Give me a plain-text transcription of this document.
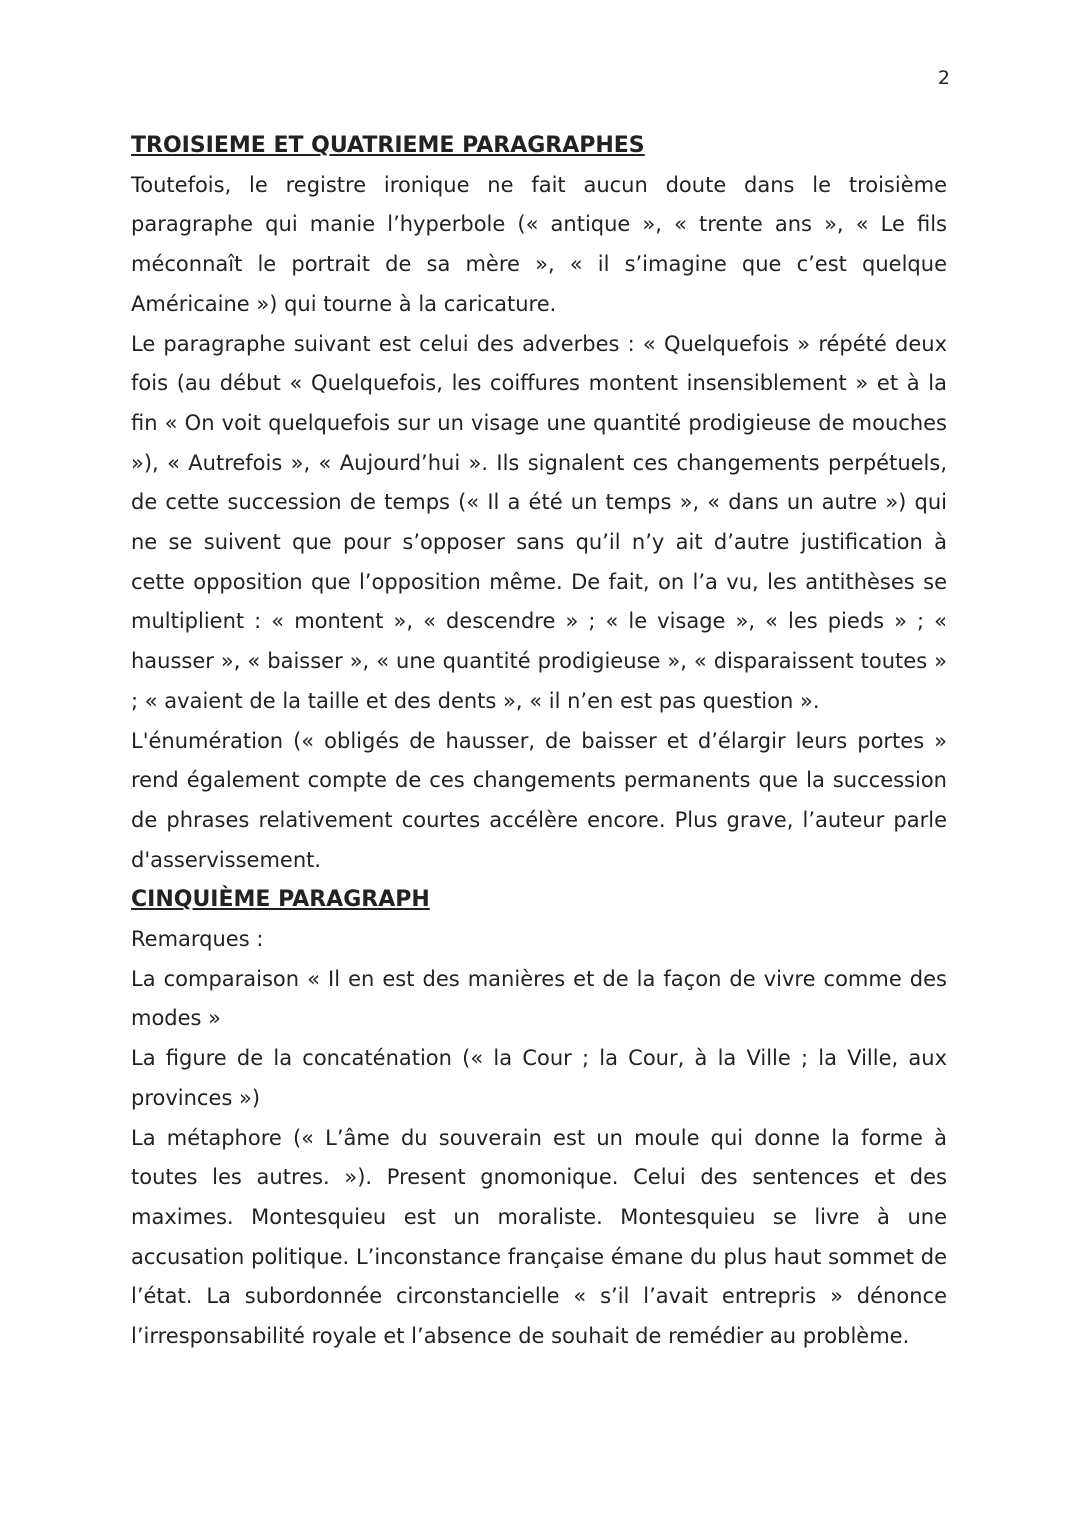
2
TROISIEME ET QUATRIEME PARAGRAPHES

Toutefois, le registre ironique ne fait aucun doute dans le troisième paragraphe qui manie l’hyperbole (« antique », « trente ans », « Le fils méconnaît le portrait de sa mère », « il s’imagine que c’est quelque Américaine ») qui tourne à la caricature.

Le paragraphe suivant est celui des adverbes : « Quelquefois » répété deux fois (au début « Quelquefois, les coiffures montent insensiblement » et à la fin « On voit quelquefois sur un visage une quantité prodigieuse de mouches »), « Autrefois », « Aujourd’hui ». Ils signalent ces changements perpétuels, de cette succession de temps (« Il a été un temps », « dans un autre ») qui ne se suivent que pour s’opposer sans qu’il n’y ait d’autre justification à cette opposition que l’opposition même. De fait, on l’a vu, les antithèses se multiplient : « montent », « descendre » ; « le visage », « les pieds » ; « hausser », « baisser », « une quantité prodigieuse », « disparaissent toutes » ; « avaient de la taille et des dents », « il n’en est pas question ».

L'énumération (« obligés de hausser, de baisser et d’élargir leurs portes » rend également compte de ces changements permanents que la succession de phrases relativement courtes accélère encore. Plus grave, l’auteur parle d'asservissement.

CINQUIÈME PARAGRAPH

Remarques :

La comparaison « Il en est des manières et de la façon de vivre comme des modes »

La figure de la concaténation (« la Cour ; la Cour, à la Ville ; la Ville, aux provinces »)

La métaphore (« L’âme du souverain est un moule qui donne la forme à toutes les autres. »). Present gnomonique. Celui des sentences et des maximes. Montesquieu est un moraliste. Montesquieu se livre à une accusation politique. L’inconstance française émane du plus haut sommet de l’état. La subordonnée circonstancielle « s’il l’avait entrepris » dénonce l’irresponsabilité royale et l’absence de souhait de remédier au problème.
